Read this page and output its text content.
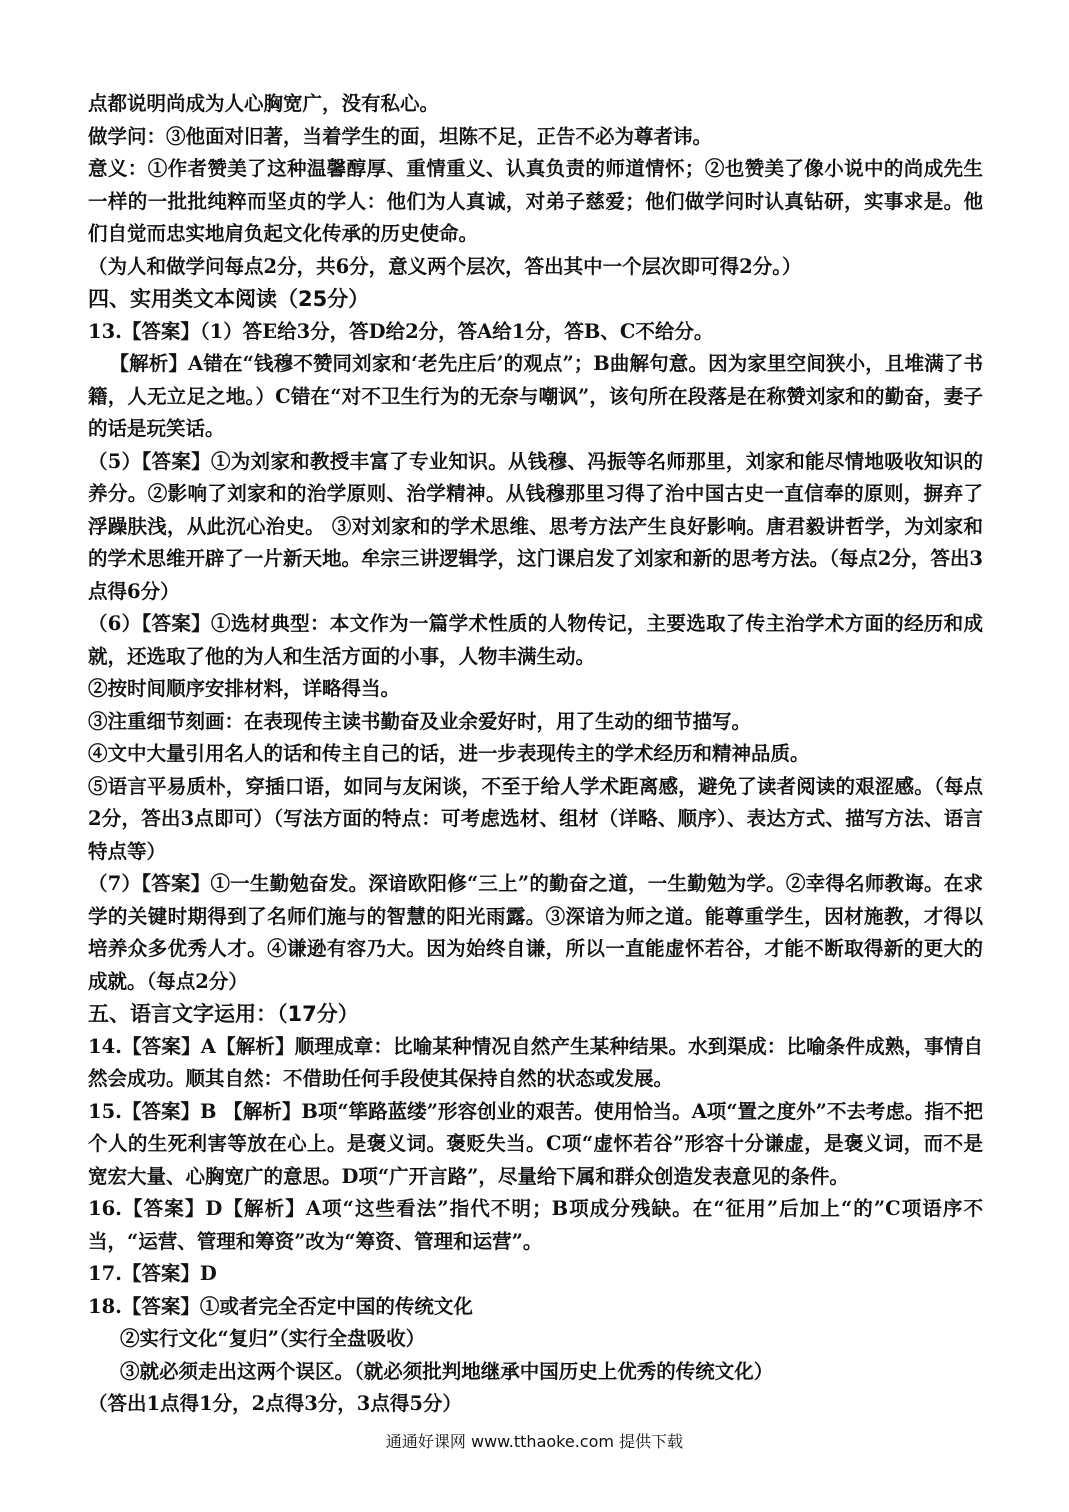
点都说明尚成为人心胸宽广，没有私心。

做学问：③他面对旧著，当着学生的面，坦陈不足，正告不必为尊者讳。

意义：①作者赞美了这种温馨醇厚、重情重义、认真负责的师道情怀；②也赞美了像小说中的尚成先生一样的一批批纯粹而坚贞的学人：他们为人真诚，对弟子慈爱；他们做学问时认真钻研，实事求是。他们自觉而忠实地肩负起文化传承的历史使命。

（为人和做学问每点2分，共6分，意义两个层次，答出其中一个层次即可得2分。）

四、实用类文本阅读（25分）

13.【答案】（1）答E给3分，答D给2分，答A给1分，答B、C不给分。

【解析】A错在“钱穆不赞同刘家和‘老先庄后’的观点”；B曲解句意。因为家里空间狭小，且堆满了书籍，人无立足之地。）C错在“对不卫生行为的无奈与嘲讽”，该句所在段落是在称赞刘家和的勤奋，妻子的话是玩笑话。

（5）【答案】①为刘家和教授丰富了专业知识。从钱穆、冯振等名师那里，刘家和能尽情地吸收知识的养分。②影响了刘家和的治学原则、治学精神。从钱穆那里习得了治中国古史一直信奉的原则，摒弃了浮躁肤浅，从此沉心治史。 ③对刘家和的学术思维、思考方法产生良好影响。唐君毅讲哲学，为刘家和的学术思维开辟了一片新天地。牟宗三讲逻辑学，这门课启发了刘家和新的思考方法。（每点2分，答出3点得6分）

（6）【答案】①选材典型：本文作为一篇学术性质的人物传记，主要选取了传主治学术方面的经历和成就，还选取了他的为人和生活方面的小事，人物丰满生动。

②按时间顺序安排材料，详略得当。

③注重细节刻画：在表现传主读书勤奋及业余爱好时，用了生动的细节描写。

④文中大量引用名人的话和传主自己的话，进一步表现传主的学术经历和精神品质。

⑤语言平易质朴，穿插口语，如同与友闲谈，不至于给人学术距离感，避免了读者阅读的艰涩感。（每点2分，答出3点即可）（写法方面的特点：可考虑选材、组材（详略、顺序）、表达方式、描写方法、语言特点等）

（7）【答案】①一生勤勉奋发。深谙欧阳修“三上”的勤奋之道，一生勤勉为学。②幸得名师教诲。在求学的关键时期得到了名师们施与的智慧的阳光雨露。③深谙为师之道。能尊重学生，因材施教，才得以培养众多优秀人才。④谦逊有容乃大。因为始终自谦，所以一直能虚怀若谷，才能不断取得新的更大的成就。（每点2分）

五、语言文字运用：（17分）

14.【答案】A【解析】顺理成章：比喻某种情况自然产生某种结果。水到渠成：比喻条件成熟，事情自然会成功。顺其自然：不借助任何手段使其保持自然的状态或发展。

15.【答案】B 【解析】B项“筚路蓝缕”形容创业的艰苦。使用恰当。A项“置之度外”不去考虑。指不把个人的生死利害等放在心上。是褒义词。褒贬失当。C项“虚怀若谷”形容十分谦虚，是褒义词，而不是宽宏大量、心胸宽广的意思。D项“广开言路”，尽量给下属和群众创造发表意见的条件。

16.【答案】D【解析】A项“这些看法”指代不明；B项成分残缺。在“征用”后加上“的”C项语序不当，“运营、管理和筹资”改为“筹资、管理和运营”。

17.【答案】D

18.【答案】①或者完全否定中国的传统文化

②实行文化“复归”（实行全盘吸收）

③就必须走出这两个误区。（就必须批判地继承中国历史上优秀的传统文化）

（答出1点得1分，2点得3分，3点得5分）

通通好课网 www.tthaoke.com 提供下载
